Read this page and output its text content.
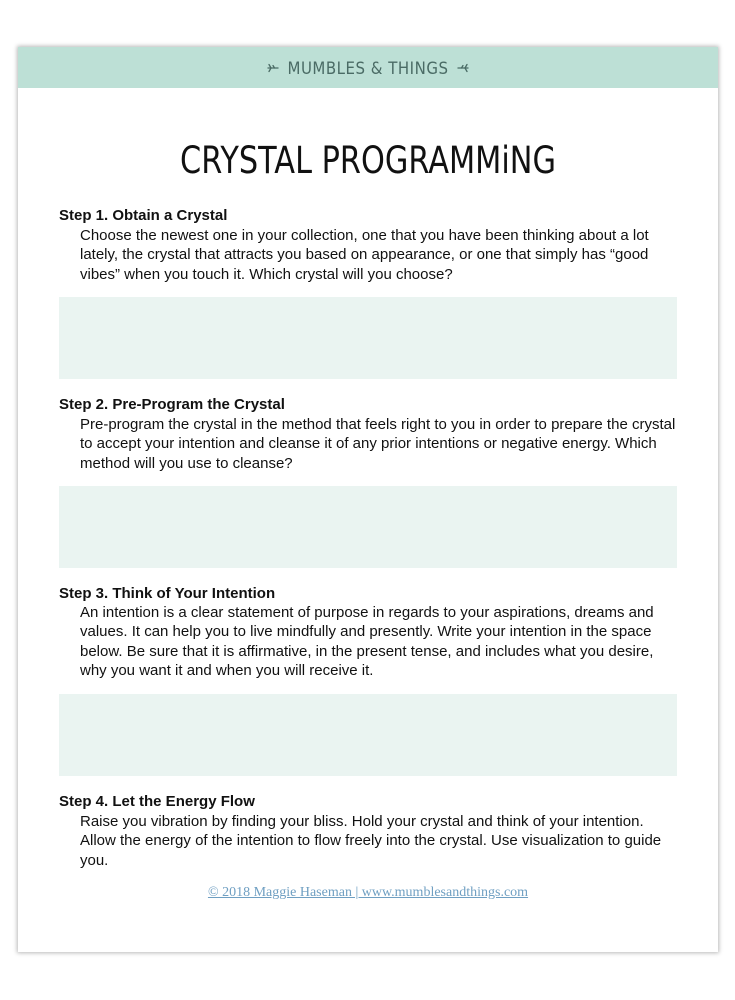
MUMBLES & THINGS
CRYSTAL PROGRAMMiNG

Step 1. Obtain a Crystal

Choose the newest one in your collection, one that you have been thinking about a lot lately, the crystal that attracts you based on appearance, or one that simply has “good vibes” when you touch it. Which crystal will you choose?

Step 2. Pre-Program the Crystal

Pre-program the crystal in the method that feels right to you in order to prepare the crystal to accept your intention and cleanse it of any prior intentions or negative energy. Which method will you use to cleanse?

Step 3. Think of Your Intention

An intention is a clear statement of purpose in regards to your aspirations, dreams and values. It can help you to live mindfully and presently. Write your intention in the space below. Be sure that it is affirmative, in the present tense, and includes what you desire, why you want it and when you will receive it.

Step 4. Let the Energy Flow

Raise you vibration by finding your bliss. Hold your crystal and think of your intention. Allow the energy of the intention to flow freely into the crystal. Use visualization to guide you.

© 2018 Maggie Haseman | www.mumblesandthings.com
